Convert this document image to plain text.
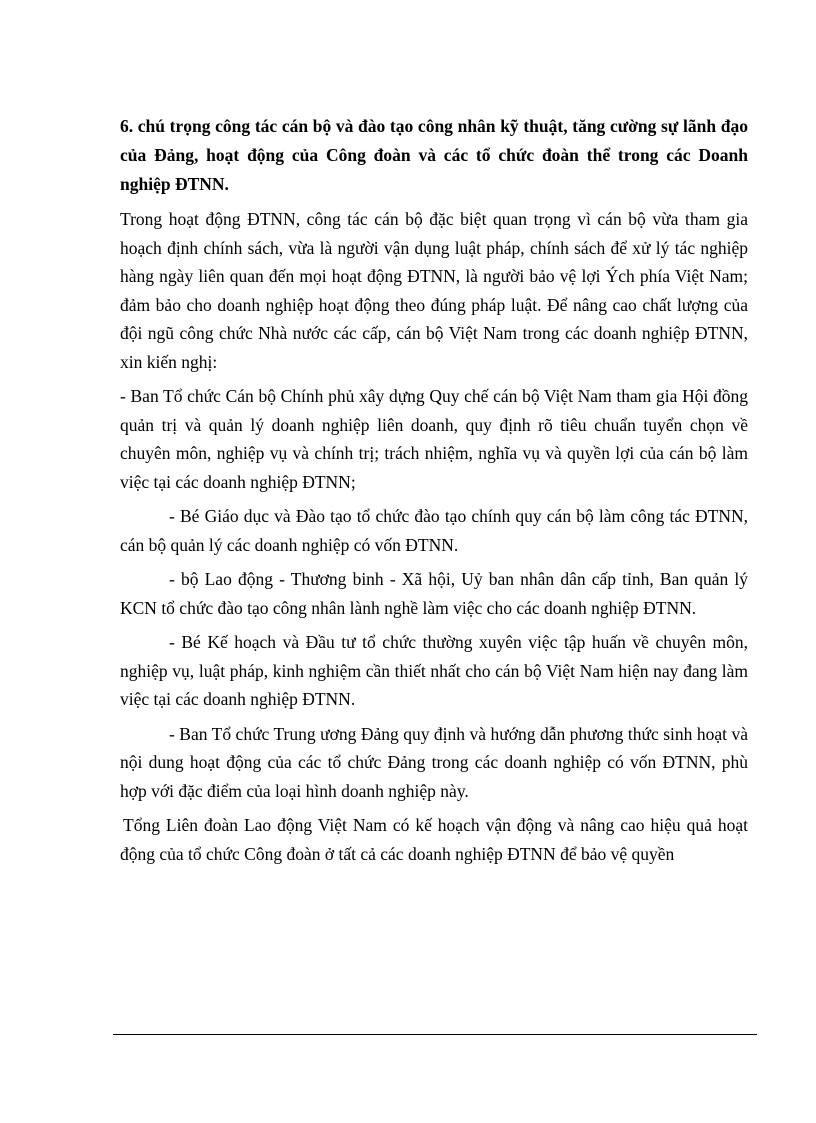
6. chú trọng công tác cán bộ và đào tạo công nhân kỹ thuật, tăng cường sự lãnh đạo của Đảng, hoạt động của Công đoàn và các tổ chức đoàn thể trong các Doanh nghiệp ĐTNN.

Trong hoạt động ĐTNN, công tác cán bộ đặc biệt quan trọng vì cán bộ vừa tham gia hoạch định chính sách, vừa là người vận dụng luật pháp, chính sách để xử lý tác nghiệp hàng ngày liên quan đến mọi hoạt động ĐTNN, là người bảo vệ lợi Ých phía Việt Nam; đảm bảo cho doanh nghiệp hoạt động theo đúng pháp luật. Để nâng cao chất lượng của đội ngũ công chức Nhà nước các cấp, cán bộ Việt Nam trong các doanh nghiệp ĐTNN, xin kiến nghị:

- Ban Tổ chức Cán bộ Chính phủ xây dựng Quy chế cán bộ Việt Nam tham gia Hội đồng quản trị và quản lý doanh nghiệp liên doanh, quy định rõ tiêu chuẩn tuyển chọn về chuyên môn, nghiệp vụ và chính trị; trách nhiệm, nghĩa vụ và quyền lợi của cán bộ làm việc tại các doanh nghiệp ĐTNN;

- Bé Giáo dục và Đào tạo tổ chức đào tạo chính quy cán bộ làm công tác ĐTNN, cán bộ quản lý các doanh nghiệp có vốn ĐTNN.

- bộ Lao động - Thương binh - Xã hội, Uỷ ban nhân dân cấp tỉnh, Ban quản lý KCN tổ chức đào tạo công nhân lành nghề làm việc cho các doanh nghiệp ĐTNN.

- Bé Kế hoạch và Đầu tư tổ chức thường xuyên việc tập huấn về chuyên môn, nghiệp vụ, luật pháp, kinh nghiệm cần thiết nhất cho cán bộ Việt Nam hiện nay đang làm việc tại các doanh nghiệp ĐTNN.

- Ban Tổ chức Trung ương Đảng quy định và hướng dẫn phương thức sinh hoạt và nội dung hoạt động của các tổ chức Đảng trong các doanh nghiệp có vốn ĐTNN, phù hợp với đặc điểm của loại hình doanh nghiệp này.

Tổng Liên đoàn Lao động Việt Nam có kế hoạch vận động và nâng cao hiệu quả hoạt động của tổ chức Công đoàn ở tất cả các doanh nghiệp ĐTNN để bảo vệ quyền
